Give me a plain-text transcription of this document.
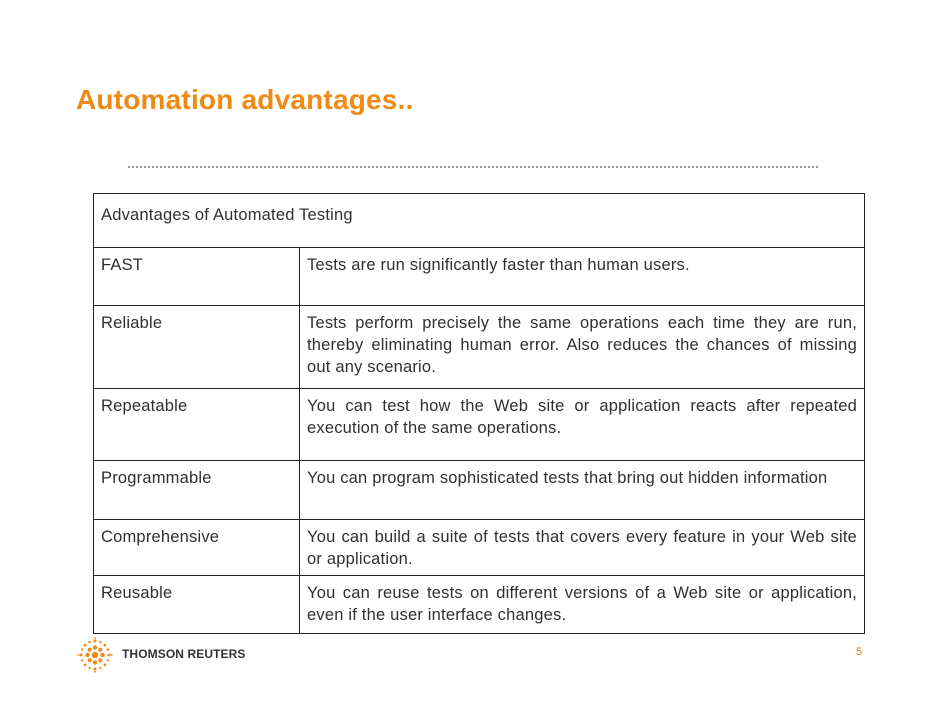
Automation advantages..
Advantages of Automated Testing	
FAST	Tests are run significantly faster than human users.
Reliable	Tests perform precisely the same operations each time they are run, thereby eliminating human error. Also reduces the chances of missing out any scenario.
Repeatable	You can test how the Web site or application reacts after repeated execution of the same operations.
Programmable	You can program sophisticated tests that bring out hidden information
Comprehensive	You can build a suite of tests that covers every feature in your Web site or application.
Reusable	You can reuse tests on different versions of a Web site or application, even if the user interface changes.
THOMSON REUTERS	5
